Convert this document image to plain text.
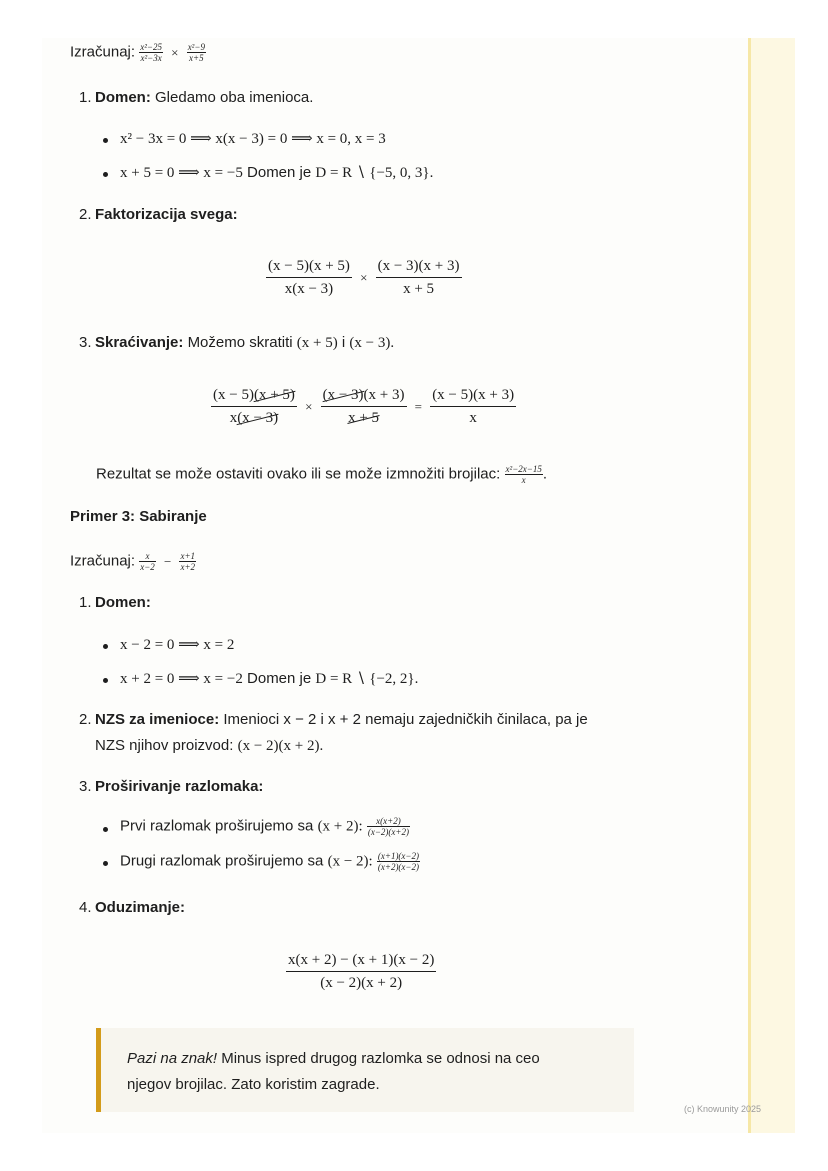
Izračunaj: $\frac{\text{x²−25}}{\text{x²−3x}} \times \frac{\text{x²−9}}{x+5}$
1. Domen: Gledamo oba imenioca.
x² − 3x = 0 ⟹ x(x − 3) = 0 ⟹ x = 0, x = 3
x + 5 = 0 ⟹ x = −5 Domen je D = R ∖ {−5, 0, 3}.
2. Faktorizacija svega:
$\frac{(x - 5)(x + 5)}{x(x - 3)} \times \frac{(x - 3)(x + 3)}{x + 5}$
3. Skraćivanje: Možemo skratiti (x + 5) i (x − 3).
$\frac{(x - 5)(x + 5)}{x(x - 3)} \times \frac{(x - 3)(x + 3)}{x + 5} = \frac{(x - 5)(x + 3)}{x}$
Rezultat se može ostaviti ovako ili se može izmnožiti brojilac: $\frac{\text{x²−2x−15}}{x}$ .
Primer 3: Sabiranje
Izračunaj: $\frac{x}{x-2} - \frac{x+1}{x+2}$
1. Domen:
x − 2 = 0 ⟹ x = 2
x + 2 = 0 ⟹ x = −2 Domen je D = R ∖ {−2, 2}.
2. NZS za imenioce: Imenioci x − 2 i x + 2 nemaju zajedničkih činilaca, pa je
NZS njihov proizvod: (x − 2)(x + 2).
3. Proširivanje razlomaka:
Prvi razlomak proširujemo sa (x + 2): $\frac{x(x+2)}{(x-2)(x+2)}$
Drugi razlomak proširujemo sa (x − 2): $\frac{(x+1)(x-2)}{(x+2)(x-2)}$
4. Oduzimanje:
$\frac{x(x + 2) - (x + 1)(x - 2)}{(x - 2)(x + 2)}$
Pazi na znak! Minus ispred drugog razlomka se odnosi na ceo
njegov brojilac. Zato koristim zagrade.
(c) Knowunity 2025
